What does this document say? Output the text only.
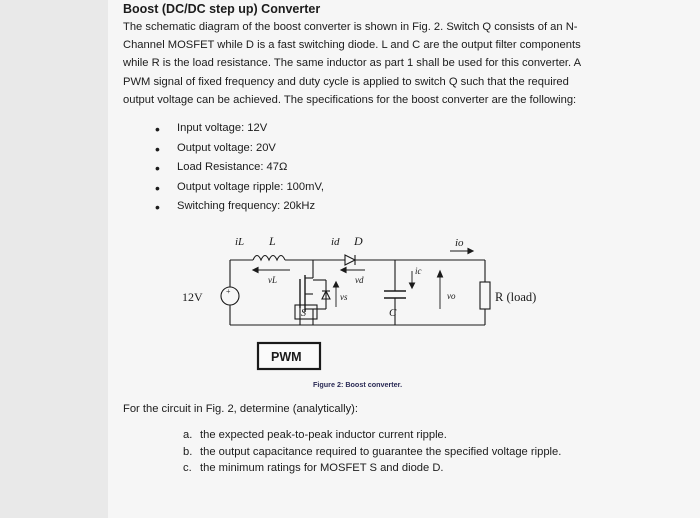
Boost (DC/DC step up) Converter
The schematic diagram of the boost converter is shown in Fig. 2. Switch Q consists of an N-
Channel MOSFET while D is a fast switching diode. L and C are the output filter components
while R is the load resistance. The same inductor as part 1 shall be used for this converter. A
PWM signal of fixed frequency and duty cycle is applied to switch Q such that the required
output voltage can be achieved. The specifications for the boost converter are the following:
• Input voltage: 12V
• Output voltage: 20V
• Load Resistance: 47Ω
• Output voltage ripple: 100mV,
• Switching frequency: 20kHz
+
iL L	id D	io
vL	vd
ic
vs	vo
S	C
12V	R (load)
PWM
Figure 2: Boost converter.
For the circuit in Fig. 2, determine (analytically):
a. the expected peak-to-peak inductor current ripple.
b. the output capacitance required to guarantee the specified voltage ripple.
c. the minimum ratings for MOSFET S and diode D.
